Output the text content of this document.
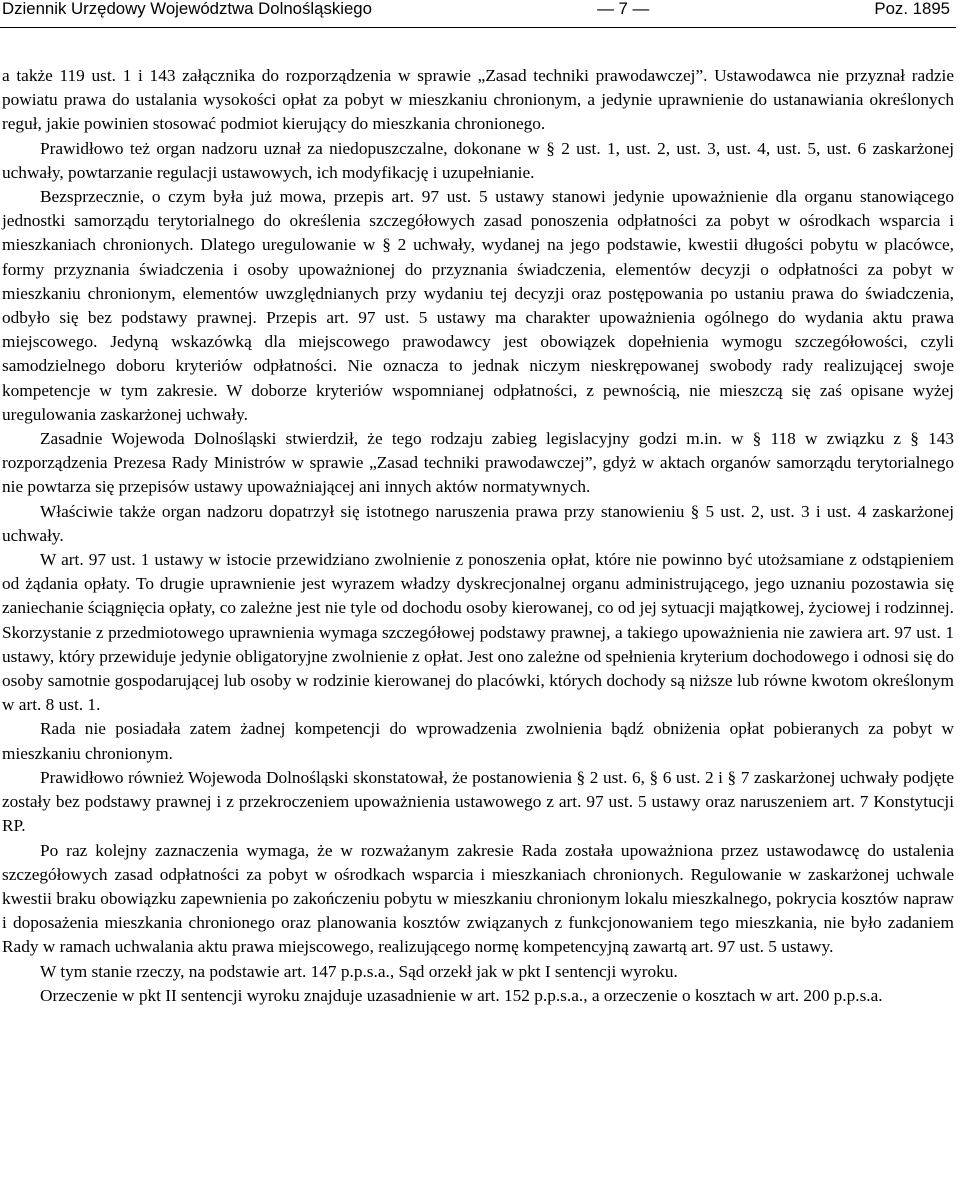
Dziennik Urzędowy Województwa Dolnośląskiego	— 7 —	Poz. 1895

a także 119 ust. 1 i 143 załącznika do rozporządzenia w sprawie „Zasad techniki prawodawczej”. Ustawodawca nie przyznał radzie powiatu prawa do ustalania wysokości opłat za pobyt w mieszkaniu chronionym, a jedynie uprawnienie do ustanawiania określonych reguł, jakie powinien stosować podmiot kierujący do mieszkania chronionego.

Prawidłowo też organ nadzoru uznał za niedopuszczalne, dokonane w § 2 ust. 1, ust. 2, ust. 3, ust. 4, ust. 5, ust. 6 zaskarżonej uchwały, powtarzanie regulacji ustawowych, ich modyfikację i uzupełnianie.

Bezsprzecznie, o czym była już mowa, przepis art. 97 ust. 5 ustawy stanowi jedynie upoważnienie dla organu stanowiącego jednostki samorządu terytorialnego do określenia szczegółowych zasad ponoszenia odpłatności za pobyt w ośrodkach wsparcia i mieszkaniach chronionych. Dlatego uregulowanie w § 2 uchwały, wydanej na jego podstawie, kwestii długości pobytu w placówce, formy przyznania świadczenia i osoby upoważnionej do przyznania świadczenia, elementów decyzji o odpłatności za pobyt w mieszkaniu chronionym, elementów uwzględnianych przy wydaniu tej decyzji oraz postępowania po ustaniu prawa do świadczenia, odbyło się bez podstawy prawnej. Przepis art. 97 ust. 5 ustawy ma charakter upoważnienia ogólnego do wydania aktu prawa miejscowego. Jedyną wskazówką dla miejscowego prawodawcy jest obowiązek dopełnienia wymogu szczegółowości, czyli samodzielnego doboru kryteriów odpłatności. Nie oznacza to jednak niczym nieskrępowanej swobody rady realizującej swoje kompetencje w tym zakresie. W doborze kryteriów wspomnianej odpłatności, z pewnością, nie mieszczą się zaś opisane wyżej uregulowania zaskarżonej uchwały.

Zasadnie Wojewoda Dolnośląski stwierdził, że tego rodzaju zabieg legislacyjny godzi m.in. w § 118 w związku z § 143 rozporządzenia Prezesa Rady Ministrów w sprawie „Zasad techniki prawodawczej”, gdyż w aktach organów samorządu terytorialnego nie powtarza się przepisów ustawy upoważniającej ani innych aktów normatywnych.

Właściwie także organ nadzoru dopatrzył się istotnego naruszenia prawa przy stanowieniu § 5 ust. 2, ust. 3 i ust. 4 zaskarżonej uchwały.

W art. 97 ust. 1 ustawy w istocie przewidziano zwolnienie z ponoszenia opłat, które nie powinno być utożsamiane z odstąpieniem od żądania opłaty. To drugie uprawnienie jest wyrazem władzy dyskrecjonalnej organu administrującego, jego uznaniu pozostawia się zaniechanie ściągnięcia opłaty, co zależne jest nie tyle od dochodu osoby kierowanej, co od jej sytuacji majątkowej, życiowej i rodzinnej. Skorzystanie z przedmiotowego uprawnienia wymaga szczegółowej podstawy prawnej, a takiego upoważnienia nie zawiera art. 97 ust. 1 ustawy, który przewiduje jedynie obligatoryjne zwolnienie z opłat. Jest ono zależne od spełnienia kryterium dochodowego i odnosi się do osoby samotnie gospodarującej lub osoby w rodzinie kierowanej do placówki, których dochody są niższe lub równe kwotom określonym w art. 8 ust. 1.

Rada nie posiadała zatem żadnej kompetencji do wprowadzenia zwolnienia bądź obniżenia opłat pobieranych za pobyt w mieszkaniu chronionym.

Prawidłowo również Wojewoda Dolnośląski skonstatował, że postanowienia § 2 ust. 6, § 6 ust. 2 i § 7 zaskarżonej uchwały podjęte zostały bez podstawy prawnej i z przekroczeniem upoważnienia ustawowego z art. 97 ust. 5 ustawy oraz naruszeniem art. 7 Konstytucji RP.

Po raz kolejny zaznaczenia wymaga, że w rozważanym zakresie Rada została upoważniona przez ustawodawcę do ustalenia szczegółowych zasad odpłatności za pobyt w ośrodkach wsparcia i mieszkaniach chronionych. Regulowanie w zaskarżonej uchwale kwestii braku obowiązku zapewnienia po zakończeniu pobytu w mieszkaniu chronionym lokalu mieszkalnego, pokrycia kosztów napraw i doposażenia mieszkania chronionego oraz planowania kosztów związanych z funkcjonowaniem tego mieszkania, nie było zadaniem Rady w ramach uchwalania aktu prawa miejscowego, realizującego normę kompetencyjną zawartą art. 97 ust. 5 ustawy.

W tym stanie rzeczy, na podstawie art. 147 p.p.s.a., Sąd orzekł jak w pkt I sentencji wyroku.

Orzeczenie w pkt II sentencji wyroku znajduje uzasadnienie w art. 152 p.p.s.a., a orzeczenie o kosztach w art. 200 p.p.s.a.
